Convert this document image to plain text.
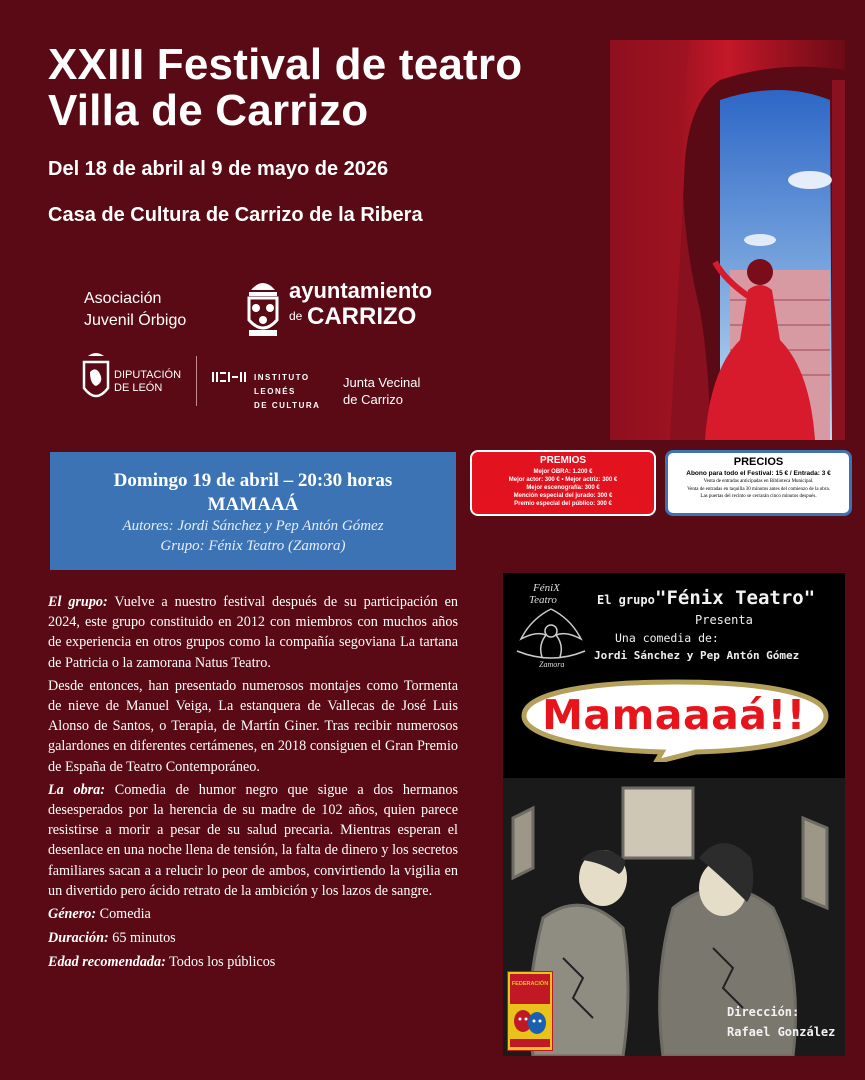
XXIII Festival de teatro
Villa de Carrizo
Del 18 de abril al 9 de mayo de 2026
Casa de Cultura de Carrizo de la Ribera
Asociación
Juvenil Órbigo
ayuntamiento
de CARRIZO
DIPUTACIÓN
DE LEÓN
INSTITUTO
LEONÉS
DE CULTURA
Junta Vecinal
de Carrizo
Domingo 19 de abril – 20:30 horas
MAMAAÁ
Autores: Jordi Sánchez y Pep Antón Gómez
Grupo: Fénix Teatro (Zamora)
PREMIOS
Mejor OBRA: 1.200 €
Mejor actor: 300 € • Mejor actriz: 300 €
Mejor escenografía: 300 €
Mención especial del jurado: 300 €
Premio especial del público: 300 €
PRECIOS
Abono para todo el Festival: 15 € / Entrada: 3 €
Venta de entradas anticipadas en Biblioteca Municipal.
Venta de entradas en taquilla 30 minutos antes del comienzo de la obra.
Las puertas del recinto se cerrarán cinco minutos después.

El grupo: Vuelve a nuestro festival después de su participación en 2024, este grupo constituido en 2012 con miembros con muchos años de experiencia en otros grupos como la compañía segoviana La tartana de Patricia o la zamorana Natus Teatro.

Desde entonces, han presentado numerosos montajes como Tormenta de nieve de Manuel Veiga, La estanquera de Vallecas de José Luis Alonso de Santos, o Terapia, de Martín Giner. Tras recibir numerosos galardones en diferentes certámenes, en 2018 consiguen el Gran Premio de España de Teatro Contemporáneo.

La obra: Comedia de humor negro que sigue a dos hermanos desesperados por la herencia de su madre de 102 años, quien parece resistirse a morir a pesar de su salud precaria. Mientras esperan el desenlace en una noche llena de tensión, la falta de dinero y los secretos familiares sacan a a relucir lo peor de ambos, convirtiendo la vigilia en un divertido pero ácido retrato de la ambición y los lazos de sangre.

Género: Comedia

Duración: 65 minutos

Edad recomendada: Todos los públicos

FéniX
Teatro
Zamora
El grupo "Fénix Teatro"
Presenta
Una comedia de:
Jordi Sánchez y Pep Antón Gómez
Mamaaaá!!
FEDERACIÓN
Dirección:
Rafael González
